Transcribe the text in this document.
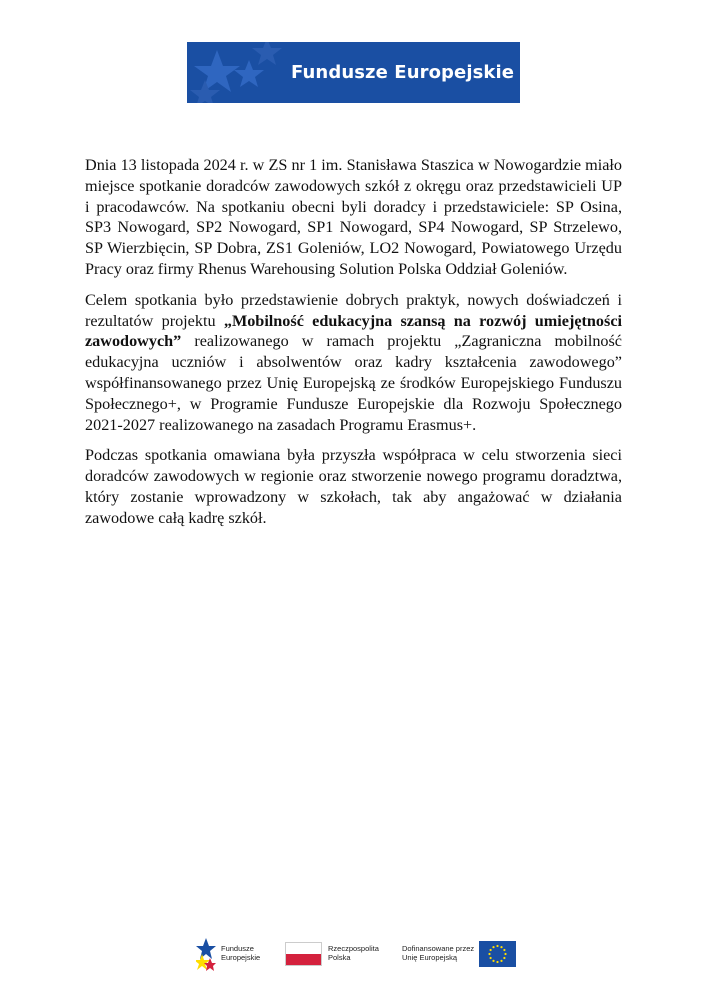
Fundusze Europejskie

Dnia 13 listopada 2024 r. w ZS nr 1 im. Stanisława Staszica w Nowogardzie miało miejsce spotkanie doradców zawodowych szkół z okręgu oraz przedstawicieli UP i pracodawców. Na spotkaniu obecni byli doradcy i przedstawiciele: SP Osina, SP3 Nowogard, SP2 Nowogard, SP1 Nowogard, SP4 Nowogard, SP Strzelewo, SP Wierzbięcin, SP Dobra, ZS1 Goleniów, LO2 Nowogard, Powiatowego Urzędu Pracy oraz firmy Rhenus Warehousing Solution Polska Oddział Goleniów.

Celem spotkania było przedstawienie dobrych praktyk, nowych doświadczeń i rezultatów projektu „Mobilność edukacyjna szansą na rozwój umiejętności zawodowych” realizowanego w ramach projektu „Zagraniczna mobilność edukacyjna uczniów i absolwentów oraz kadry kształcenia zawodowego” współfinansowanego przez Unię Europejską ze środków Europejskiego Funduszu Społecznego+, w Programie Fundusze Europejskie dla Rozwoju Społecznego 2021-2027 realizowanego na zasadach Programu Erasmus+.

Podczas spotkania omawiana była przyszła współpraca w celu stworzenia sieci doradców zawodowych w regionie oraz stworzenie nowego programu doradztwa, który zostanie wprowadzony w szkołach, tak aby angażować w działania zawodowe całą kadrę szkół.

Fundusze
Europejskie
Rzeczpospolita
Polska
Dofinansowane przez
Unię Europejską
